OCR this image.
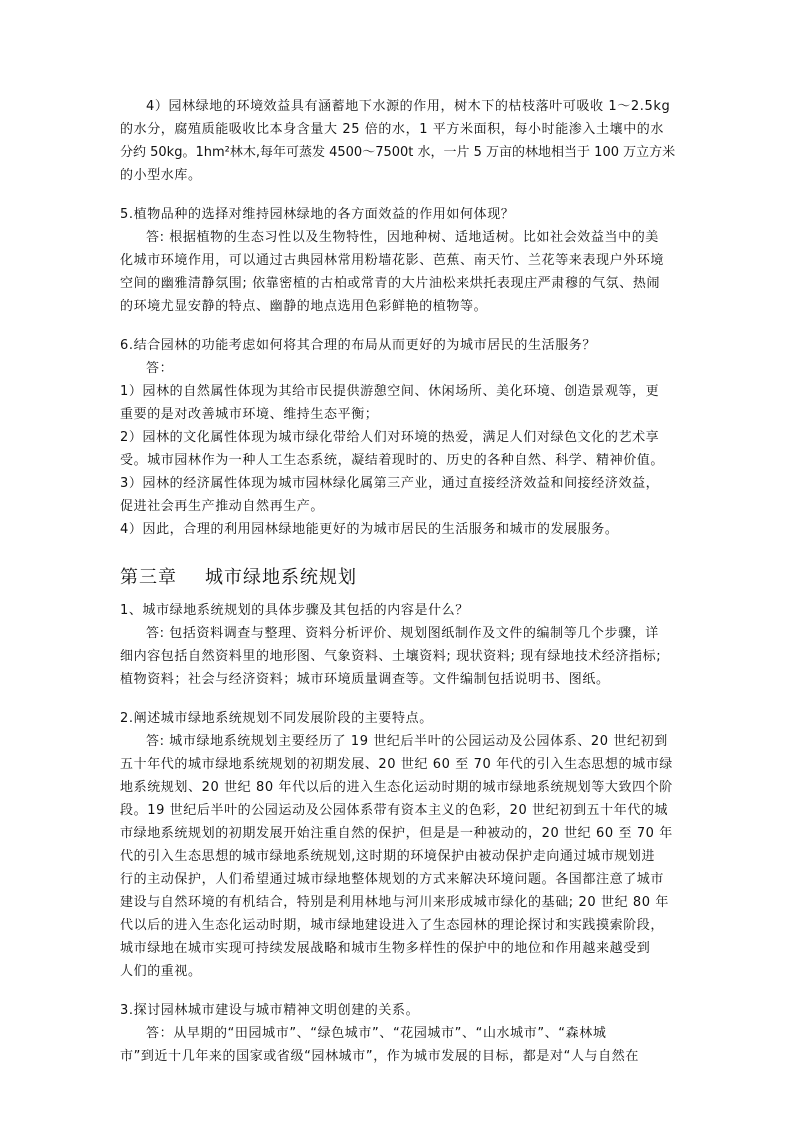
4）园林绿地的环境效益具有涵蓄地下水源的作用，树木下的枯枝落叶可吸收 1～2.5kg
的水分，腐殖质能吸收比本身含量大 25 倍的水，1 平方米面积，每小时能渗入土壤中的水
分约 50kg。1hm²林木,每年可蒸发 4500～7500t 水，一片 5 万亩的林地相当于 100 万立方米
的小型水库。
5.植物品种的选择对维持园林绿地的各方面效益的作用如何体现？
答: 根据植物的生态习性以及生物特性，因地种树、适地适树。比如社会效益当中的美
化城市环境作用，可以通过古典园林常用粉墙花影、芭蕉、南天竹、兰花等来表现户外环境
空间的幽雅清静氛围; 依靠密植的古柏或常青的大片油松来烘托表现庄严肃穆的气氛、热闹
的环境尤显安静的特点、幽静的地点选用色彩鲜艳的植物等。
6.结合园林的功能考虑如何将其合理的布局从而更好的为城市居民的生活服务？
答：
1）园林的自然属性体现为其给市民提供游憩空间、休闲场所、美化环境、创造景观等，更
重要的是对改善城市环境、维持生态平衡；
2）园林的文化属性体现为城市绿化带给人们对环境的热爱，满足人们对绿色文化的艺术享
受。城市园林作为一种人工生态系统，凝结着现时的、历史的各种自然、科学、精神价值。
3）园林的经济属性体现为城市园林绿化属第三产业，通过直接经济效益和间接经济效益，
促进社会再生产推动自然再生产。
4）因此，合理的利用园林绿地能更好的为城市居民的生活服务和城市的发展服务。
第三章 城市绿地系统规划
1、城市绿地系统规划的具体步骤及其包括的内容是什么？
答: 包括资料调查与整理、资料分析评价、规划图纸制作及文件的编制等几个步骤，详
细内容包括自然资料里的地形图、气象资料、土壤资料; 现状资料; 现有绿地技术经济指标;
植物资料；社会与经济资料；城市环境质量调查等。文件编制包括说明书、图纸。
2.阐述城市绿地系统规划不同发展阶段的主要特点。
答: 城市绿地系统规划主要经历了 19 世纪后半叶的公园运动及公园体系、20 世纪初到
五十年代的城市绿地系统规划的初期发展、20 世纪 60 至 70 年代的引入生态思想的城市绿
地系统规划、20 世纪 80 年代以后的进入生态化运动时期的城市绿地系统规划等大致四个阶
段。19 世纪后半叶的公园运动及公园体系带有资本主义的色彩，20 世纪初到五十年代的城
市绿地系统规划的初期发展开始注重自然的保护，但是是一种被动的，20 世纪 60 至 70 年
代的引入生态思想的城市绿地系统规划,这时期的环境保护由被动保护走向通过城市规划进
行的主动保护，人们希望通过城市绿地整体规划的方式来解决环境问题。各国都注意了城市
建设与自然环境的有机结合，特别是利用林地与河川来形成城市绿化的基础; 20 世纪 80 年
代以后的进入生态化运动时期，城市绿地建设进入了生态园林的理论探讨和实践摸索阶段，
城市绿地在城市实现可持续发展战略和城市生物多样性的保护中的地位和作用越来越受到
人们的重视。
3.探讨园林城市建设与城市精神文明创建的关系。
答：从早期的“田园城市”、“绿色城市”、“花园城市”、“山水城市”、“森林城
市”到近十几年来的国家或省级“园林城市”，作为城市发展的目标，都是对“人与自然在
